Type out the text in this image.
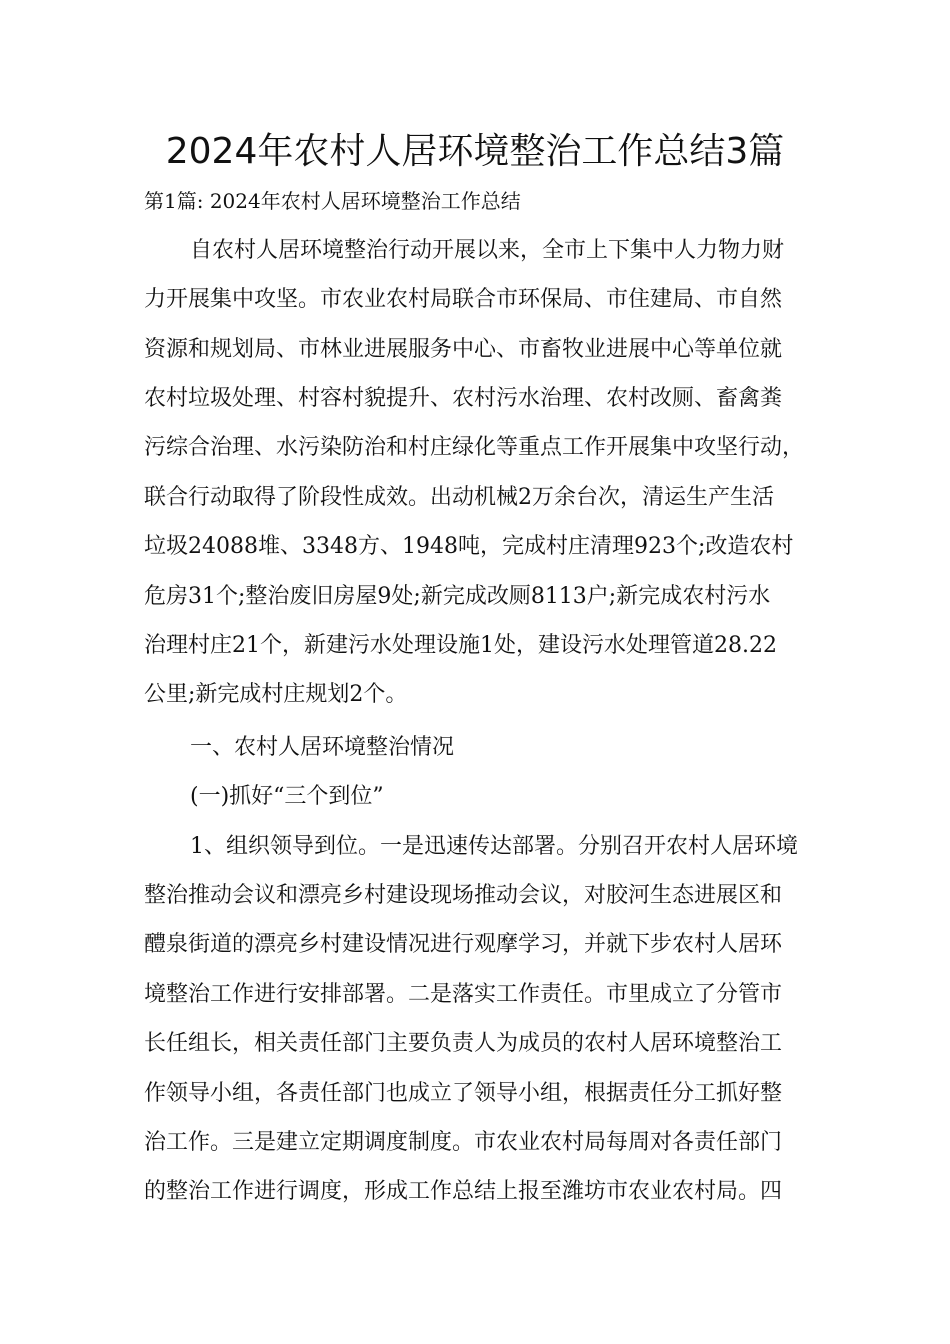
2024年农村人居环境整治工作总结3篇

第1篇: 2024年农村人居环境整治工作总结

自农村人居环境整治行动开展以来，全市上下集中人力物力财

力开展集中攻坚。市农业农村局联合市环保局、市住建局、市自然

资源和规划局、市林业进展服务中心、市畜牧业进展中心等单位就

农村垃圾处理、村容村貌提升、农村污水治理、农村改厕、畜禽粪

污综合治理、水污染防治和村庄绿化等重点工作开展集中攻坚行动，

联合行动取得了阶段性成效。出动机械2万余台次，清运生产生活

垃圾24088堆、3348方、1948吨，完成村庄清理923个;改造农村

危房31个;整治废旧房屋9处;新完成改厕8113户;新完成农村污水

治理村庄21个，新建污水处理设施1处，建设污水处理管道28.22

公里;新完成村庄规划2个。

一、农村人居环境整治情况

(一)抓好“三个到位”

1、组织领导到位。一是迅速传达部署。分别召开农村人居环境

整治推动会议和漂亮乡村建设现场推动会议，对胶河生态进展区和

醴泉街道的漂亮乡村建设情况进行观摩学习，并就下步农村人居环

境整治工作进行安排部署。二是落实工作责任。市里成立了分管市

长任组长，相关责任部门主要负责人为成员的农村人居环境整治工

作领导小组，各责任部门也成立了领导小组，根据责任分工抓好整

治工作。三是建立定期调度制度。市农业农村局每周对各责任部门

的整治工作进行调度，形成工作总结上报至潍坊市农业农村局。四
